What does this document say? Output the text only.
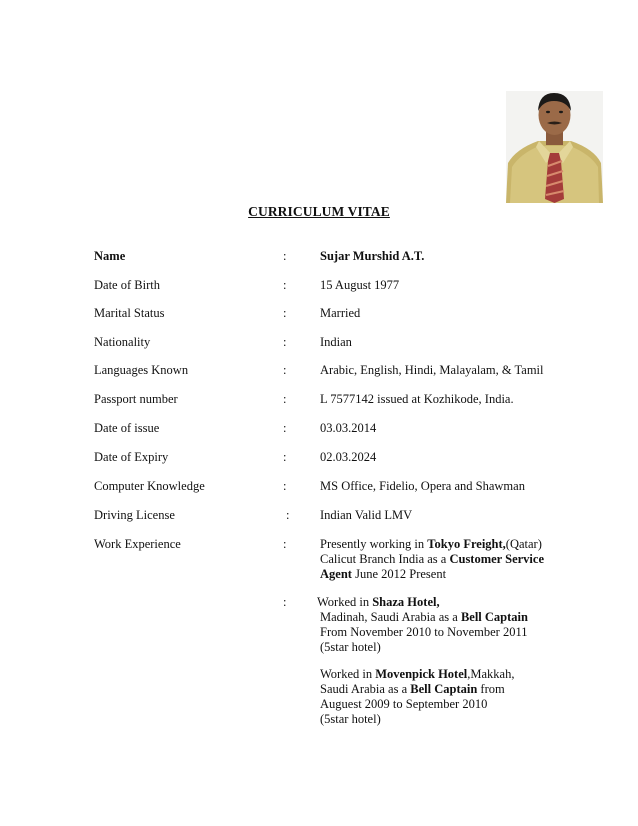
CURRICULUM VITAE
Name	:	Sujar Murshid A.T.
Date of Birth	:	15 August 1977
Marital Status	:	Married
Nationality	:	Indian
Languages Known	:	Arabic, English, Hindi, Malayalam, & Tamil
Passport number	:	L 7577142 issued at Kozhikode, India.
Date of issue	:	03.03.2014
Date of Expiry	:	02.03.2024
Computer Knowledge	:	MS Office, Fidelio, Opera and Shawman
Driving License	: Indian Valid LMV
Work Experience	:	Presently working in Tokyo Freight,(Qatar)

Calicut Branch India as a Customer Service

Agent June 2012 Present

: Worked in Shaza Hotel,

Madinah, Saudi Arabia as a Bell Captain

From November 2010 to November 2011

(5star hotel)

Worked in Movenpick Hotel,Makkah,

Saudi Arabia as a Bell Captain from

Auguest 2009 to September 2010

(5star hotel)
